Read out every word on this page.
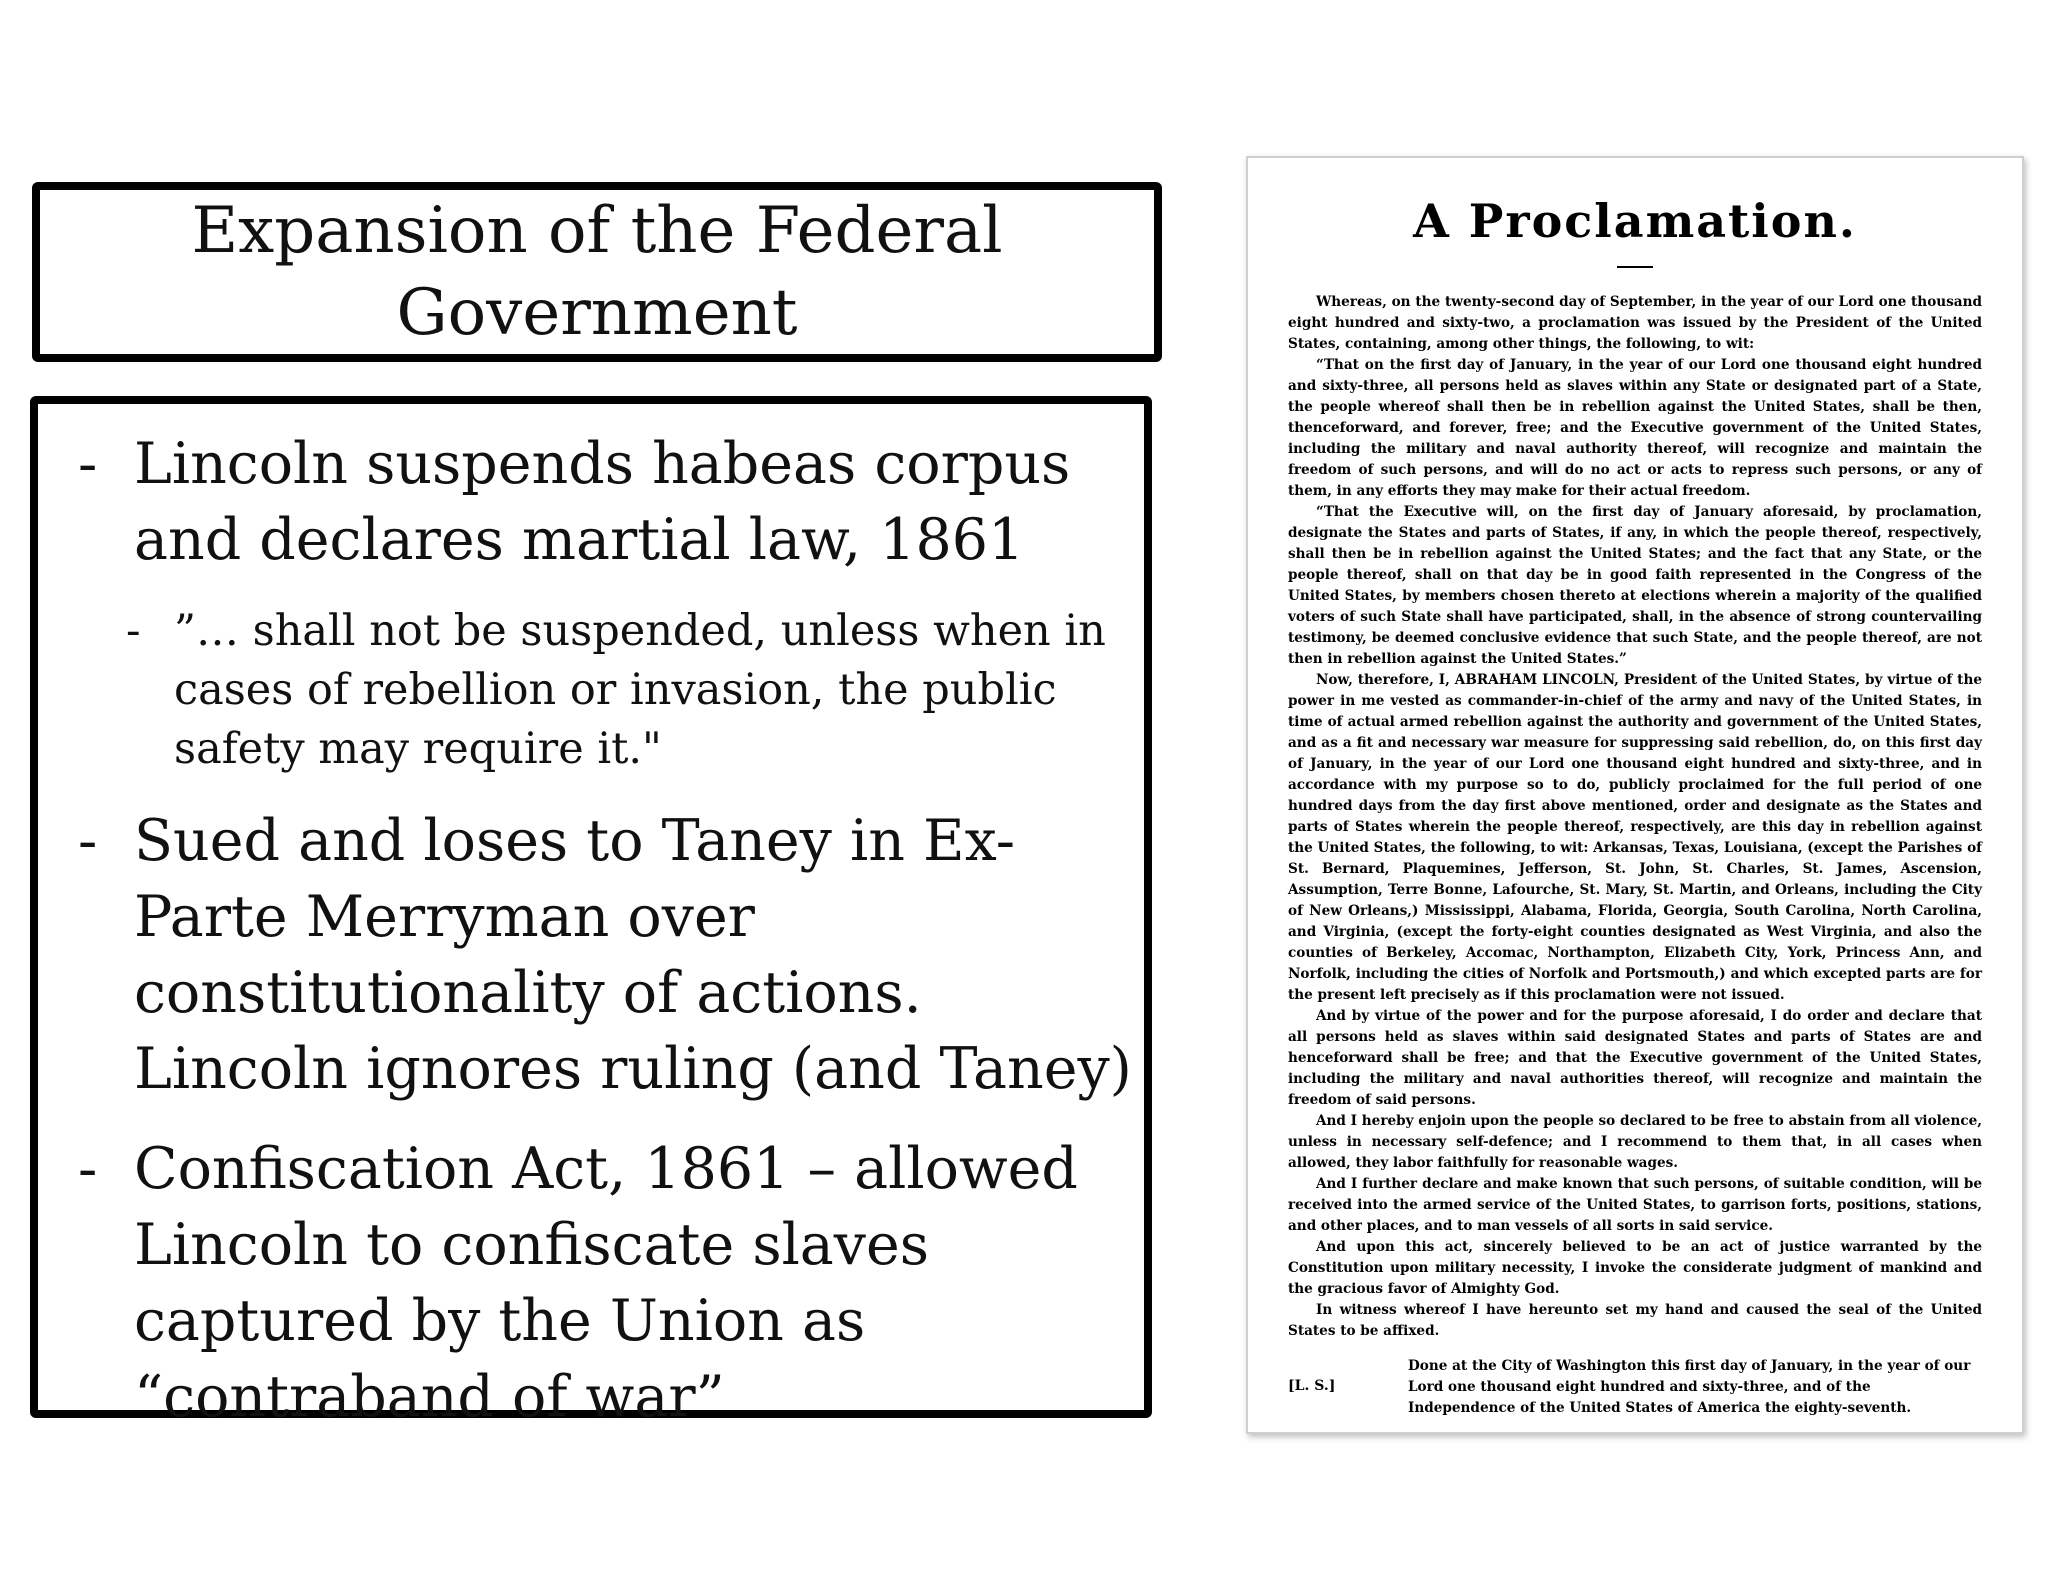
Expansion of the Federal
Government
- Lincoln suspends habeas corpus and declares martial law, 1861
- ”… shall not be suspended, unless when in cases of rebellion or invasion, the public safety may require it."
- Sued and loses to Taney in Ex-Parte Merryman over constitutionality of actions. Lincoln ignores ruling (and Taney)
- Confiscation Act, 1861 – allowed Lincoln to confiscate slaves captured by the Union as “contraband of war”
A Proclamation.

Whereas, on the twenty-second day of September, in the year of our Lord one thousand eight hundred and sixty-two, a proclamation was issued by the President of the United States, containing, among other things, the following, to wit:

“That on the first day of January, in the year of our Lord one thousand eight hundred and sixty-three, all persons held as slaves within any State or designated part of a State, the people whereof shall then be in rebellion against the United States, shall be then, thenceforward, and forever, free; and the Executive government of the United States, including the military and naval authority thereof, will recognize and maintain the freedom of such persons, and will do no act or acts to repress such persons, or any of them, in any efforts they may make for their actual freedom.

“That the Executive will, on the first day of January aforesaid, by proclamation, designate the States and parts of States, if any, in which the people thereof, respectively, shall then be in rebellion against the United States; and the fact that any State, or the people thereof, shall on that day be in good faith represented in the Congress of the United States, by members chosen thereto at elections wherein a majority of the qualified voters of such State shall have participated, shall, in the absence of strong countervailing testimony, be deemed conclusive evidence that such State, and the people thereof, are not then in rebellion against the United States.”

Now, therefore, I, ABRAHAM LINCOLN, President of the United States, by virtue of the power in me vested as commander-in-chief of the army and navy of the United States, in time of actual armed rebellion against the authority and government of the United States, and as a fit and necessary war measure for suppressing said rebellion, do, on this first day of January, in the year of our Lord one thousand eight hundred and sixty-three, and in accordance with my purpose so to do, publicly proclaimed for the full period of one hundred days from the day first above mentioned, order and designate as the States and parts of States wherein the people thereof, respectively, are this day in rebellion against the United States, the following, to wit: Arkansas, Texas, Louisiana, (except the Parishes of St. Bernard, Plaquemines, Jefferson, St. John, St. Charles, St. James, Ascension, Assumption, Terre Bonne, Lafourche, St. Mary, St. Martin, and Orleans, including the City of New Orleans,) Mississippi, Alabama, Florida, Georgia, South Carolina, North Carolina, and Virginia, (except the forty-eight counties designated as West Virginia, and also the counties of Berkeley, Accomac, Northampton, Elizabeth City, York, Princess Ann, and Norfolk, including the cities of Norfolk and Portsmouth,) and which excepted parts are for the present left precisely as if this proclamation were not issued.

And by virtue of the power and for the purpose aforesaid, I do order and declare that all persons held as slaves within said designated States and parts of States are and henceforward shall be free; and that the Executive government of the United States, including the military and naval authorities thereof, will recognize and maintain the freedom of said persons.

And I hereby enjoin upon the people so declared to be free to abstain from all violence, unless in necessary self-defence; and I recommend to them that, in all cases when allowed, they labor faithfully for reasonable wages.

And I further declare and make known that such persons, of suitable condition, will be received into the armed service of the United States, to garrison forts, positions, stations, and other places, and to man vessels of all sorts in said service.

And upon this act, sincerely believed to be an act of justice warranted by the Constitution upon military necessity, I invoke the considerate judgment of mankind and the gracious favor of Almighty God.

In witness whereof I have hereunto set my hand and caused the seal of the United States to be affixed.

[L. S.]
Done at the City of Washington this first day of January, in the year of our Lord one thousand eight hundred and sixty-three, and of the Independence of the United States of America the eighty-seventh.
